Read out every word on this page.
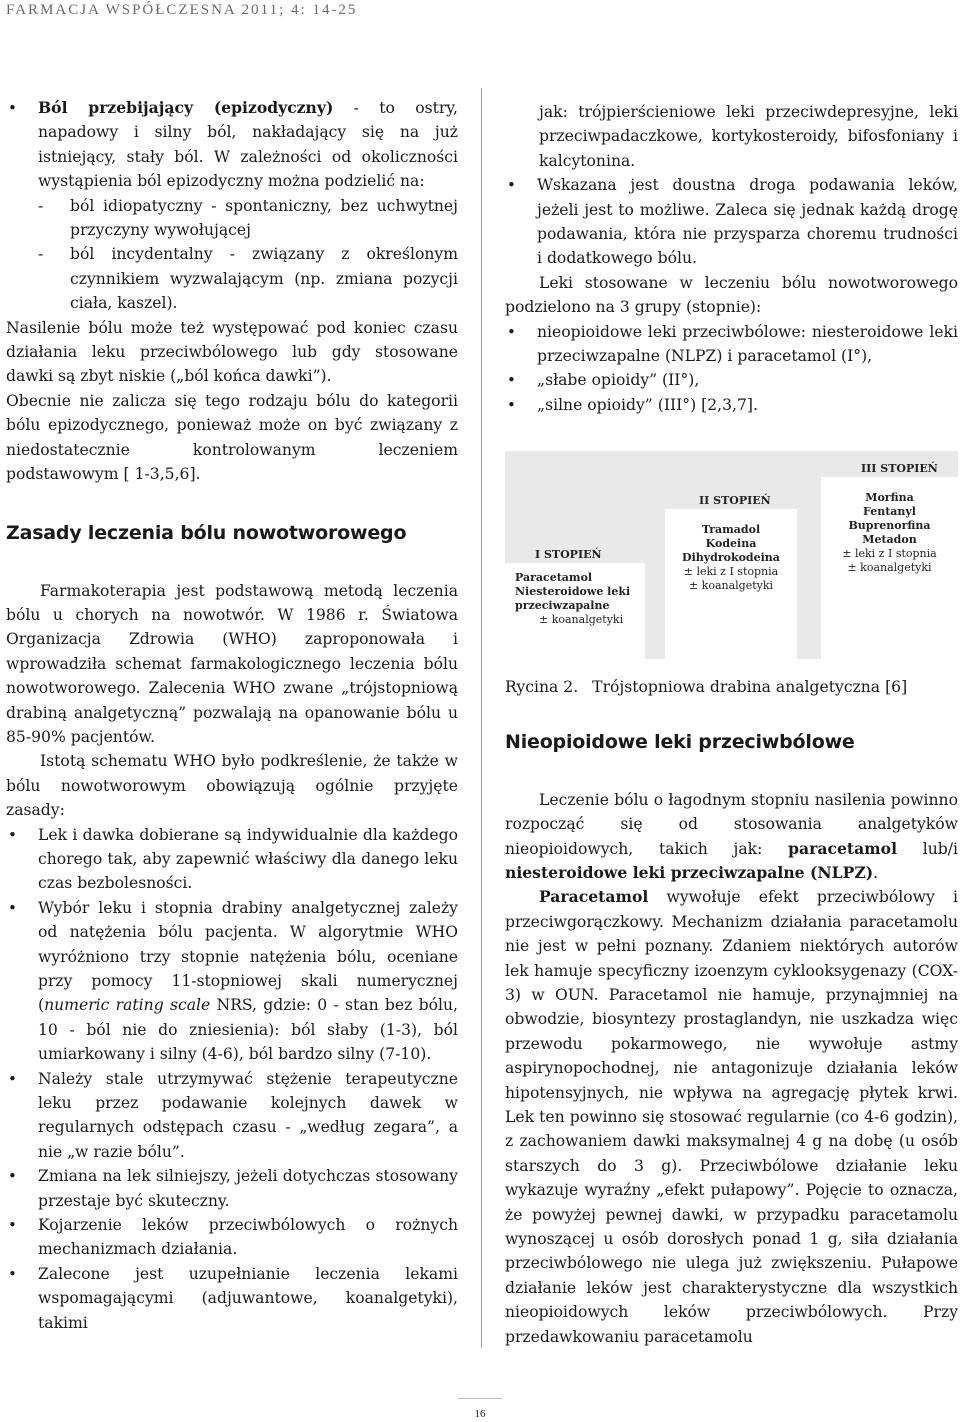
FARMACJA WSPÓŁCZESNA 2011; 4: 14-25
• Ból przebijający (epizodyczny) - to ostry, napadowy i silny ból, nakładający się na już istniejący, stały ból. W zależności od okoliczności wystąpienia ból epizodyczny można podzielić na:
- ból idiopatyczny - spontaniczny, bez uchwytnej przyczyny wywołującej
- ból incydentalny - związany z określonym czynnikiem wyzwalającym (np. zmiana pozycji ciała, kaszel).

Nasilenie bólu może też występować pod koniec czasu działania leku przeciwbólowego lub gdy stosowane dawki są zbyt niskie („ból końca dawki”).

Obecnie nie zalicza się tego rodzaju bólu do kategorii bólu epizodycznego, ponieważ może on być związany z niedostatecznie kontrolowanym leczeniem podstawowym [ 1-3,5,6].

Zasady leczenia bólu nowotworowego

Farmakoterapia jest podstawową metodą leczenia bólu u chorych na nowotwór. W 1986 r. Światowa Organizacja Zdrowia (WHO) zaproponowała i wprowadziła schemat farmakologicznego leczenia bólu nowotworowego. Zalecenia WHO zwane „trójstopniową drabiną analgetyczną” pozwalają na opanowanie bólu u 85-90% pacjentów.

Istotą schematu WHO było podkreślenie, że także w bólu nowotworowym obowiązują ogólnie przyjęte zasady:

• Lek i dawka dobierane są indywidualnie dla każdego chorego tak, aby zapewnić właściwy dla danego leku czas bezbolesności.
• Wybór leku i stopnia drabiny analgetycznej zależy od natężenia bólu pacjenta. W algorytmie WHO wyróżniono trzy stopnie natężenia bólu, oceniane przy pomocy 11-stopniowej skali numerycznej (numeric rating scale NRS, gdzie: 0 - stan bez bólu, 10 - ból nie do zniesienia): ból słaby (1-3), ból umiarkowany i silny (4-6), ból bardzo silny (7-10).
• Należy stale utrzymywać stężenie terapeutyczne leku przez podawanie kolejnych dawek w regularnych odstępach czasu - „według zegara”, a nie „w razie bólu”.
• Zmiana na lek silniejszy, jeżeli dotychczas stosowany przestaje być skuteczny.
• Kojarzenie leków przeciwbólowych o rożnych mechanizmach działania.
• Zalecone jest uzupełnianie leczenia lekami wspomagającymi (adjuwantowe, koanalgetyki), takimi

jak: trójpierścieniowe leki przeciwdepresyjne, leki przeciwpadaczkowe, kortykosteroidy, bifosfoniany i kalcytonina.

• Wskazana jest doustna droga podawania leków, jeżeli jest to możliwe. Zaleca się jednak każdą drogę podawania, która nie przysparza choremu trudności i dodatkowego bólu.

Leki stosowane w leczeniu bólu nowotworowego podzielono na 3 grupy (stopnie):

• nieopioidowe leki przeciwbólowe: niesteroidowe leki przeciwzapalne (NLPZ) i paracetamol (I°),
• „słabe opioidy” (II°),
• „silne opioidy” (III°) [2,3,7].
I STOPIEŃ
Paracetamol
Niesteroidowe leki
przeciwzapalne
± koanalgetyki
II STOPIEŃ
Tramadol
Kodeina
Dihydrokodeina
± leki z I stopnia
± koanalgetyki
III STOPIEŃ
Morfina
Fentanyl
Buprenorfina
Metadon
± leki z I stopnia
± koanalgetyki
Rycina 2. Trójstopniowa drabina analgetyczna [6]
Nieopioidowe leki przeciwbólowe

Leczenie bólu o łagodnym stopniu nasilenia powinno rozpocząć się od stosowania analgetyków nieopioidowych, takich jak: paracetamol lub/i niesteroidowe leki przeciwzapalne (NLPZ).

Paracetamol wywołuje efekt przeciwbólowy i przeciwgorączkowy. Mechanizm działania paracetamolu nie jest w pełni poznany. Zdaniem niektórych autorów lek hamuje specyficzny izoenzym cyklooksygenazy (COX-3) w OUN. Paracetamol nie hamuje, przynajmniej na obwodzie, biosyntezy prostaglandyn, nie uszkadza więc przewodu pokarmowego, nie wywołuje astmy aspirynopochodnej, nie antagonizuje działania leków hipotensyjnych, nie wpływa na agregację płytek krwi. Lek ten powinno się stosować regularnie (co 4-6 godzin), z zachowaniem dawki maksymalnej 4 g na dobę (u osób starszych do 3 g). Przeciwbólowe działanie leku wykazuje wyraźny „efekt pułapowy”. Pojęcie to oznacza, że powyżej pewnej dawki, w przypadku paracetamolu wynoszącej u osób dorosłych ponad 1 g, siła działania przeciwbólowego nie ulega już zwiększeniu. Pułapowe działanie leków jest charakterystyczne dla wszystkich nieopioidowych leków przeciwbólowych. Przy przedawkowaniu paracetamolu

16
